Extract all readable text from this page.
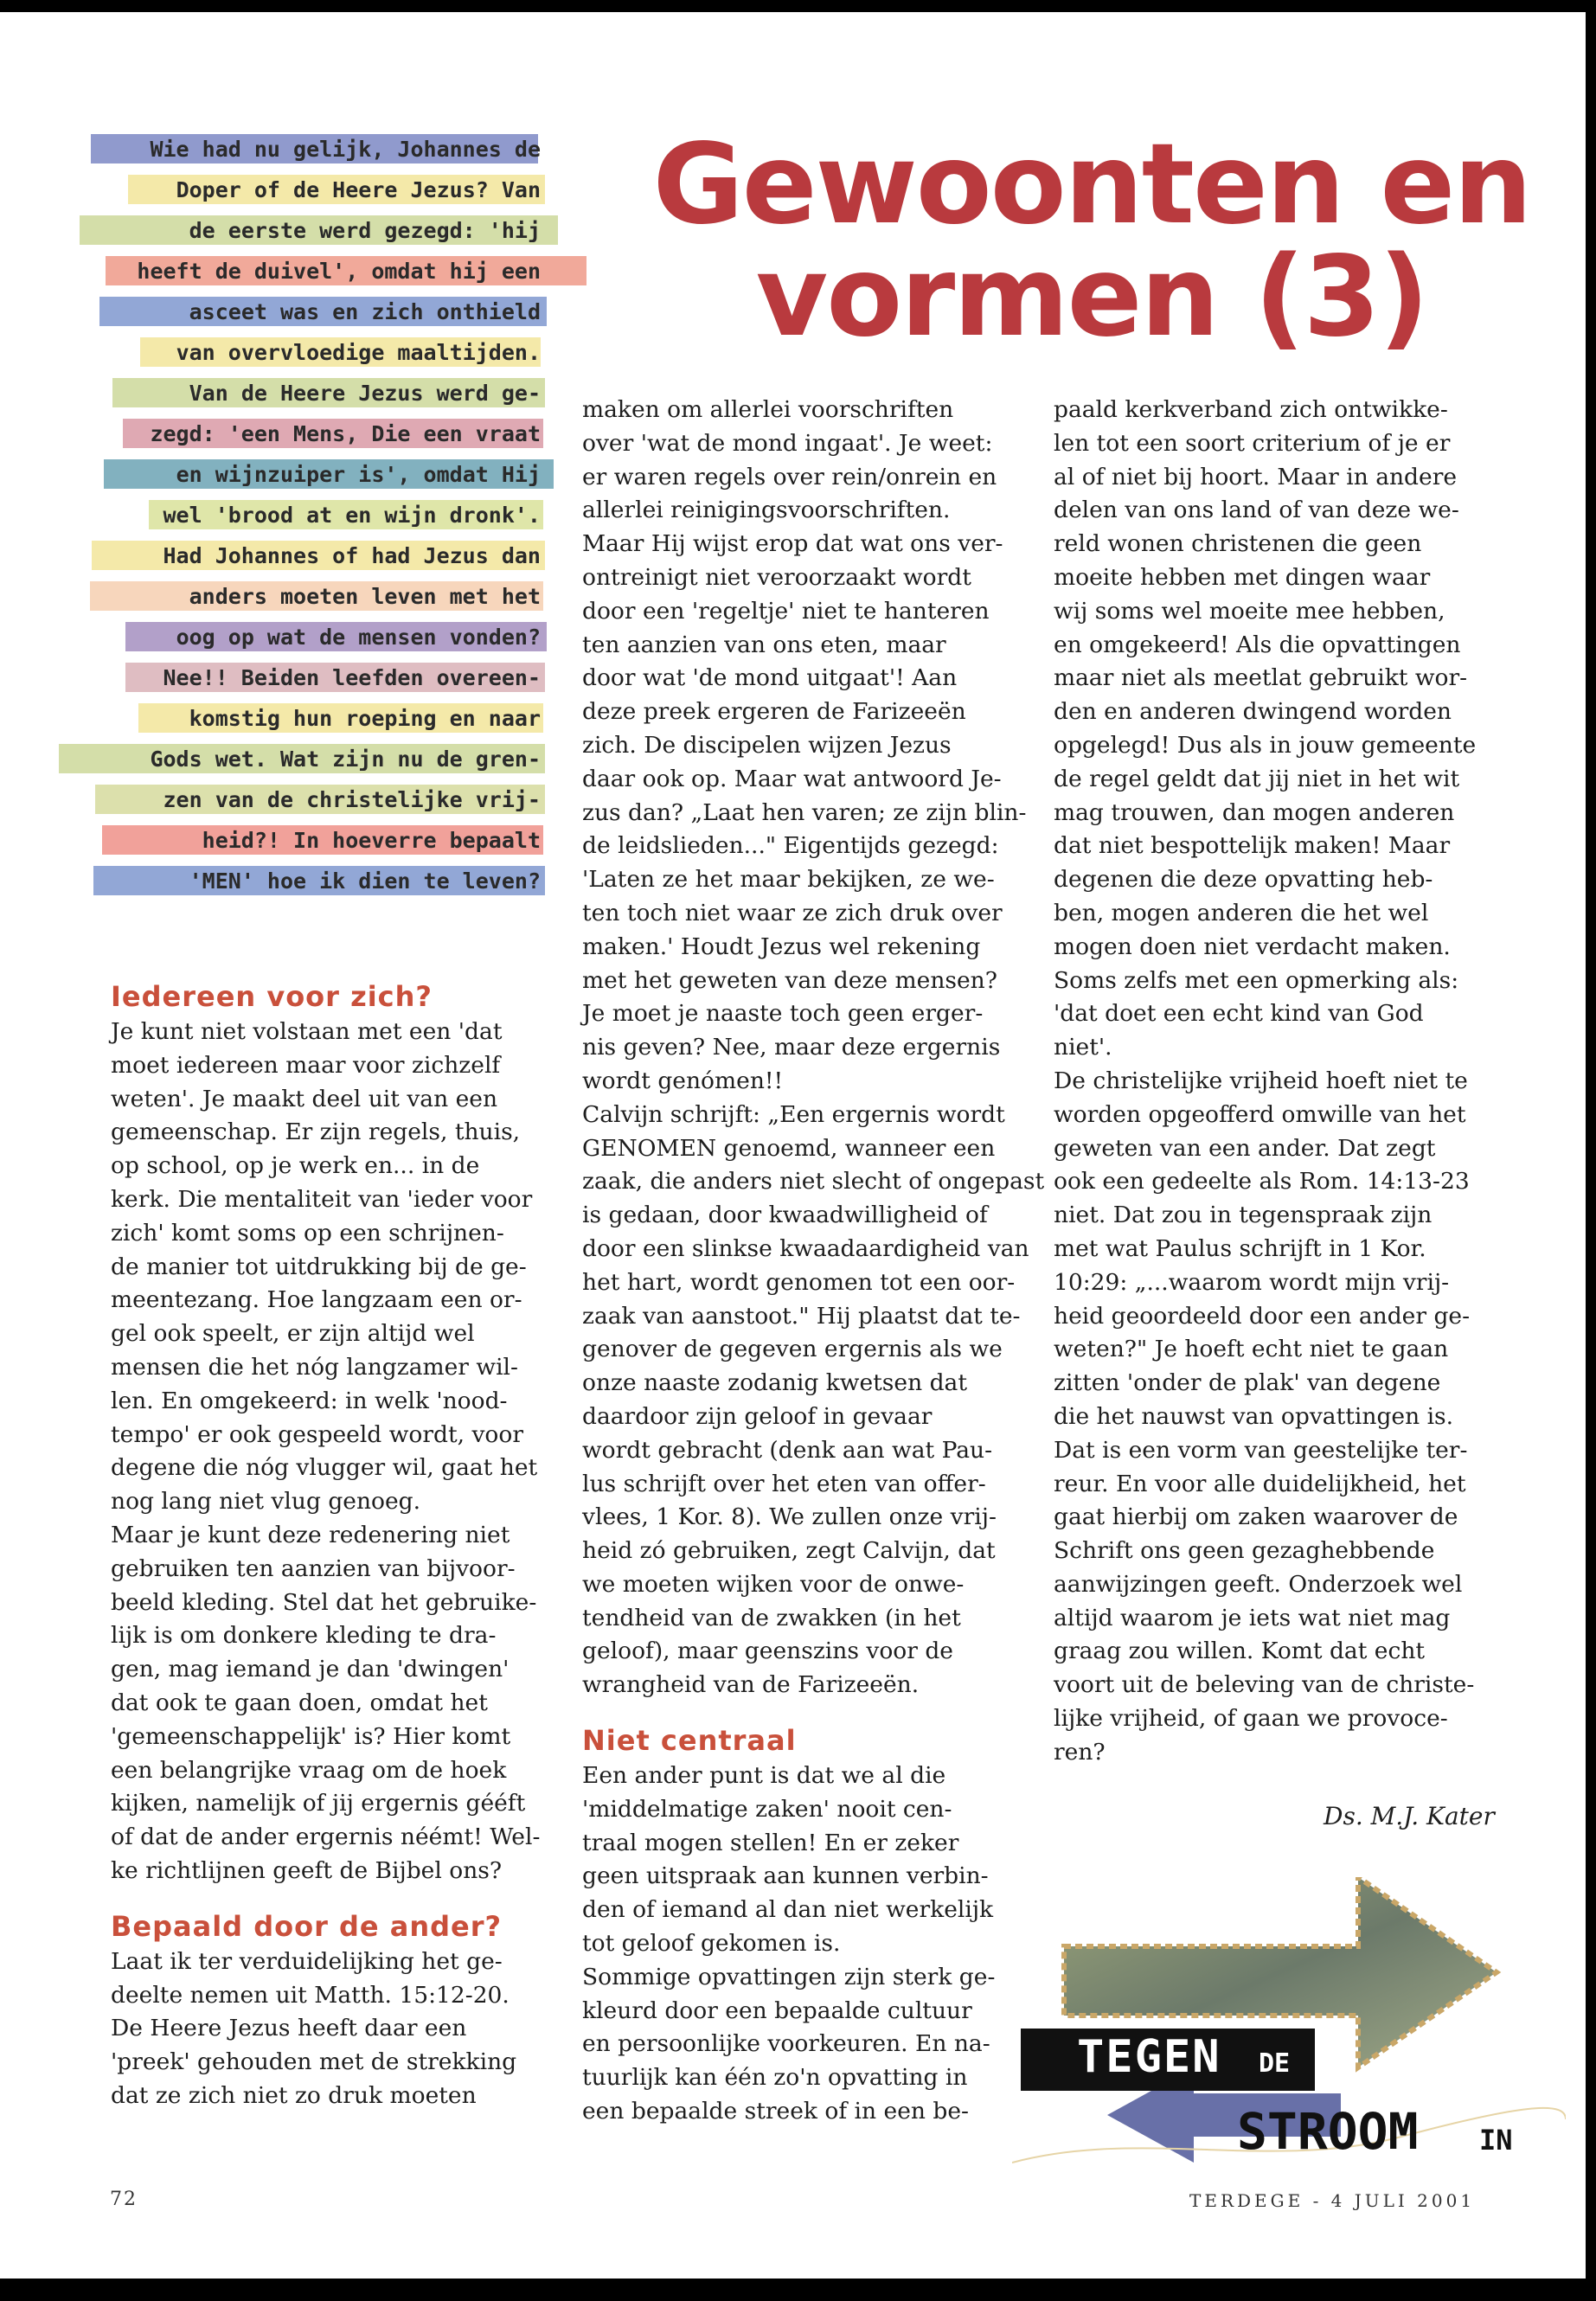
Gewoonten en
vormen (3)
Iedereen voor zich?

Je kunt niet volstaan met een 'dat
moet iedereen maar voor zichzelf
weten'. Je maakt deel uit van een
gemeenschap. Er zijn regels, thuis,
op school, op je werk en... in de
kerk. Die mentaliteit van 'ieder voor
zich' komt soms op een schrijnen-
de manier tot uitdrukking bij de ge-
meentezang. Hoe langzaam een or-
gel ook speelt, er zijn altijd wel
mensen die het nóg langzamer wil-
len. En omgekeerd: in welk 'nood-
tempo' er ook gespeeld wordt, voor
degene die nóg vlugger wil, gaat het
nog lang niet vlug genoeg.
Maar je kunt deze redenering niet
gebruiken ten aanzien van bijvoor-
beeld kleding. Stel dat het gebruike-
lijk is om donkere kleding te dra-
gen, mag iemand je dan 'dwingen'
dat ook te gaan doen, omdat het
'gemeenschappelijk' is? Hier komt
een belangrijke vraag om de hoek
kijken, namelijk of jij ergernis gééft
of dat de ander ergernis néémt! Wel-
ke richtlijnen geeft de Bijbel ons?

Bepaald door de ander?

Laat ik ter verduidelijking het ge-
deelte nemen uit Matth. 15:12-20.
De Heere Jezus heeft daar een
'preek' gehouden met de strekking
dat ze zich niet zo druk moeten

maken om allerlei voorschriften
over 'wat de mond ingaat'. Je weet:
er waren regels over rein/onrein en
allerlei reinigingsvoorschriften.
Maar Hij wijst erop dat wat ons ver-
ontreinigt niet veroorzaakt wordt
door een 'regeltje' niet te hanteren
ten aanzien van ons eten, maar
door wat 'de mond uitgaat'! Aan
deze preek ergeren de Farizeeën
zich. De discipelen wijzen Jezus
daar ook op. Maar wat antwoord Je-
zus dan? „Laat hen varen; ze zijn blin-
de leidslieden..." Eigentijds gezegd:
'Laten ze het maar bekijken, ze we-
ten toch niet waar ze zich druk over
maken.' Houdt Jezus wel rekening
met het geweten van deze mensen?
Je moet je naaste toch geen erger-
nis geven? Nee, maar deze ergernis
wordt genómen!!
Calvijn schrijft: „Een ergernis wordt
GENOMEN genoemd, wanneer een
zaak, die anders niet slecht of ongepast
is gedaan, door kwaadwilligheid of
door een slinkse kwaadaardigheid van
het hart, wordt genomen tot een oor-
zaak van aanstoot." Hij plaatst dat te-
genover de gegeven ergernis als we
onze naaste zodanig kwetsen dat
daardoor zijn geloof in gevaar
wordt gebracht (denk aan wat Pau-
lus schrijft over het eten van offer-
vlees, 1 Kor. 8). We zullen onze vrij-
heid zó gebruiken, zegt Calvijn, dat
we moeten wijken voor de onwe-
tendheid van de zwakken (in het
geloof), maar geenszins voor de
wrangheid van de Farizeeën.

Niet centraal

Een ander punt is dat we al die
'middelmatige zaken' nooit cen-
traal mogen stellen! En er zeker
geen uitspraak aan kunnen verbin-
den of iemand al dan niet werkelijk
tot geloof gekomen is.
Sommige opvattingen zijn sterk ge-
kleurd door een bepaalde cultuur
en persoonlijke voorkeuren. En na-
tuurlijk kan één zo'n opvatting in
een bepaalde streek of in een be-

paald kerkverband zich ontwikke-
len tot een soort criterium of je er
al of niet bij hoort. Maar in andere
delen van ons land of van deze we-
reld wonen christenen die geen
moeite hebben met dingen waar
wij soms wel moeite mee hebben,
en omgekeerd! Als die opvattingen
maar niet als meetlat gebruikt wor-
den en anderen dwingend worden
opgelegd! Dus als in jouw gemeente
de regel geldt dat jij niet in het wit
mag trouwen, dan mogen anderen
dat niet bespottelijk maken! Maar
degenen die deze opvatting heb-
ben, mogen anderen die het wel
mogen doen niet verdacht maken.
Soms zelfs met een opmerking als:
'dat doet een echt kind van God
niet'.
De christelijke vrijheid hoeft niet te
worden opgeofferd omwille van het
geweten van een ander. Dat zegt
ook een gedeelte als Rom. 14:13-23
niet. Dat zou in tegenspraak zijn
met wat Paulus schrijft in 1 Kor.
10:29: „...waarom wordt mijn vrij-
heid geoordeeld door een ander ge-
weten?" Je hoeft echt niet te gaan
zitten 'onder de plak' van degene
die het nauwst van opvattingen is.
Dat is een vorm van geestelijke ter-
reur. En voor alle duidelijkheid, het
gaat hierbij om zaken waarover de
Schrift ons geen gezaghebbende
aanwijzingen geeft. Onderzoek wel
altijd waarom je iets wat niet mag
graag zou willen. Komt dat echt
voort uit de beleving van de christe-
lijke vrijheid, of gaan we provoce-
ren?

Ds. M.J. Kater
TEGEN DE
STROOM IN
72	TERDEGE - 4 JULI 2001
Wie had nu gelijk, Johannes de
Doper of de Heere Jezus? Van
de eerste werd gezegd: 'hij
heeft de duivel', omdat hij een
asceet was en zich onthield
van overvloedige maaltijden.
Van de Heere Jezus werd ge-
zegd: 'een Mens, Die een vraat
en wijnzuiper is', omdat Hij
wel 'brood at en wijn dronk'.
Had Johannes of had Jezus dan
anders moeten leven met het
oog op wat de mensen vonden?
Nee!! Beiden leefden overeen-
komstig hun roeping en naar
Gods wet. Wat zijn nu de gren-
zen van de christelijke vrij-
heid?! In hoeverre bepaalt
'MEN' hoe ik dien te leven?
